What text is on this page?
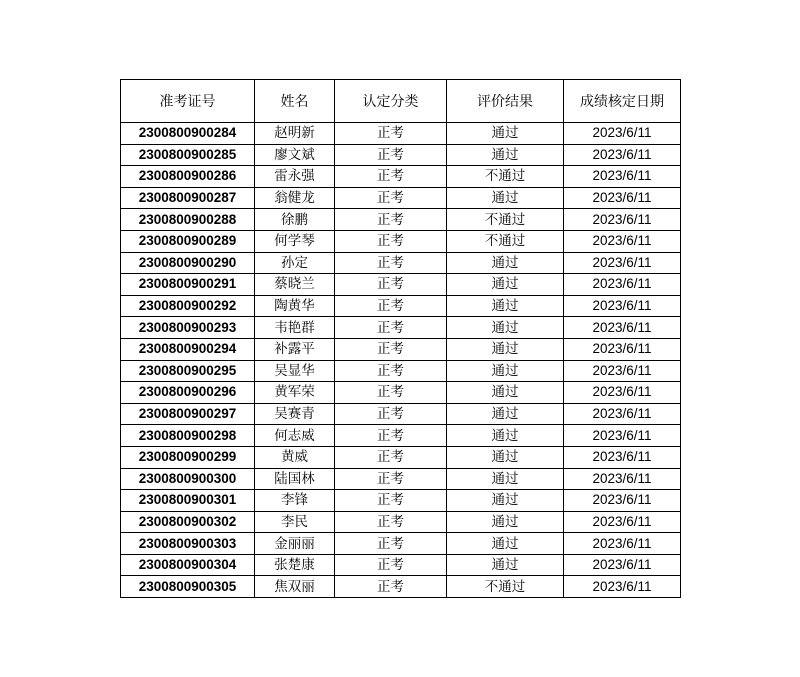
准考证号	姓名	认定分类	评价结果	成绩核定日期
2300800900284	赵明新	正考	通过	2023/6/11
2300800900285	廖文斌	正考	通过	2023/6/11
2300800900286	雷永强	正考	不通过	2023/6/11
2300800900287	翁健龙	正考	通过	2023/6/11
2300800900288	徐鹏	正考	不通过	2023/6/11
2300800900289	何学琴	正考	不通过	2023/6/11
2300800900290	孙定	正考	通过	2023/6/11
2300800900291	蔡晓兰	正考	通过	2023/6/11
2300800900292	陶黄华	正考	通过	2023/6/11
2300800900293	韦艳群	正考	通过	2023/6/11
2300800900294	补露平	正考	通过	2023/6/11
2300800900295	吴显华	正考	通过	2023/6/11
2300800900296	黄军荣	正考	通过	2023/6/11
2300800900297	吴赛青	正考	通过	2023/6/11
2300800900298	何志威	正考	通过	2023/6/11
2300800900299	黄威	正考	通过	2023/6/11
2300800900300	陆国林	正考	通过	2023/6/11
2300800900301	李锋	正考	通过	2023/6/11
2300800900302	李民	正考	通过	2023/6/11
2300800900303	金丽丽	正考	通过	2023/6/11
2300800900304	张楚康	正考	通过	2023/6/11
2300800900305	焦双丽	正考	不通过	2023/6/11
